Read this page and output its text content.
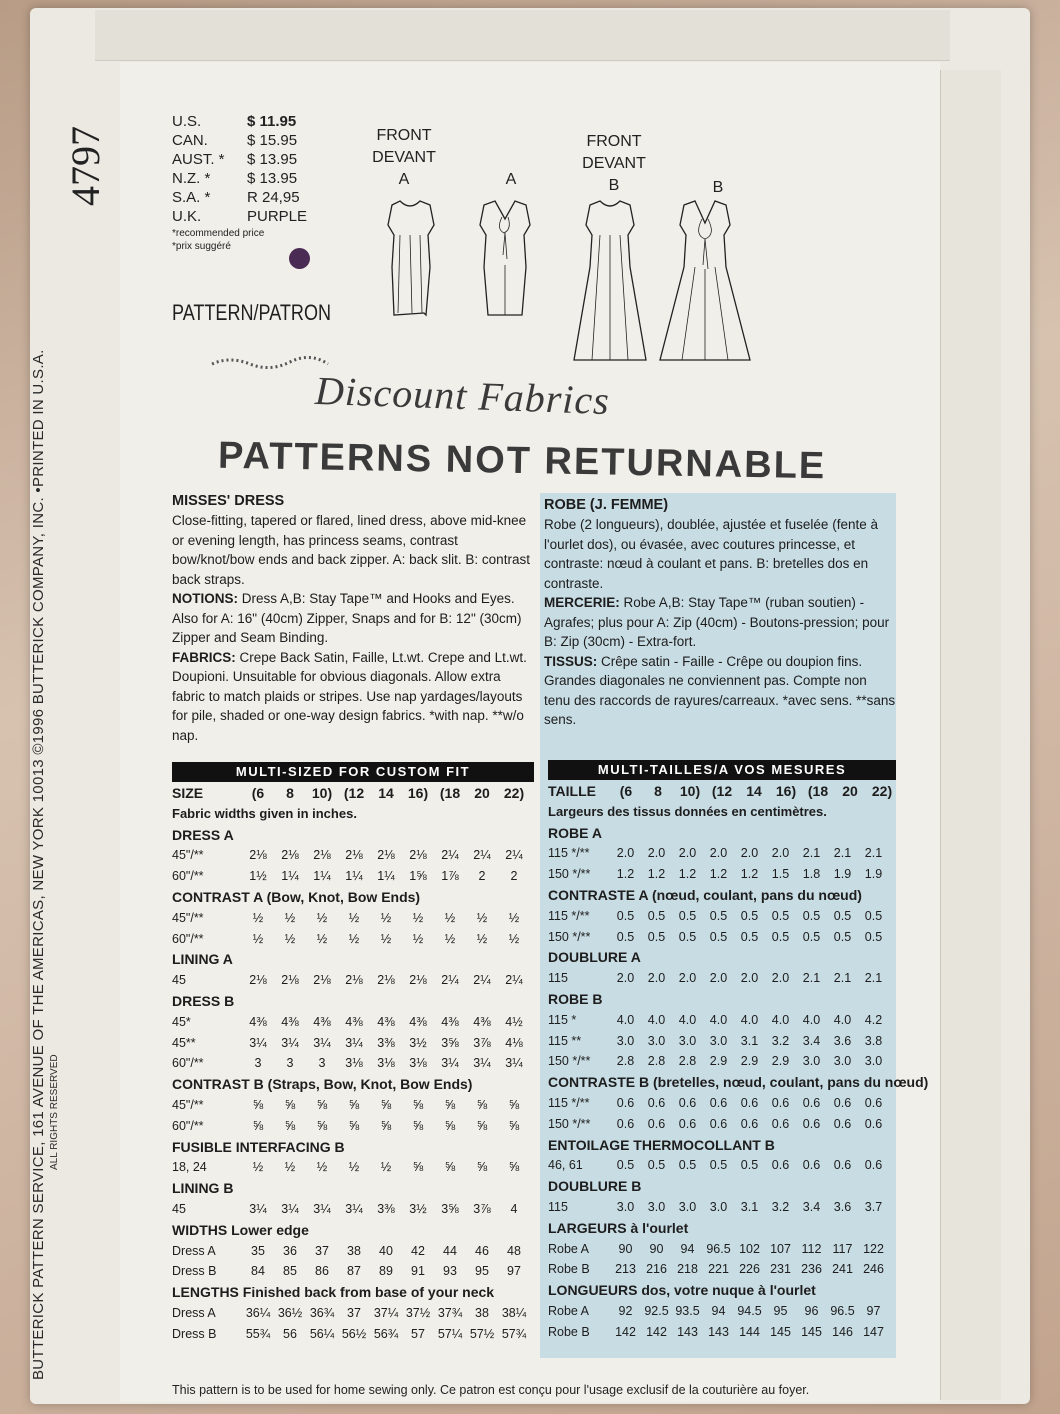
BUTTERICK PATTERN SERVICE, 161 AVENUE OF THE AMERICAS, NEW YORK 10013 ©1996 BUTTERICK COMPANY, INC. •PRINTED IN U.S.A. ALL RIGHTS RESERVED
4797
U.S.	$ 11.95
CAN.	$ 15.95
AUST. *	$ 13.95
N.Z. *	$ 13.95
S.A. *	R 24,95
U.K.	PURPLE
*recommended price
*prix suggéré
PATTERN/PATRON
FRONT
DEVANT
A	A
FRONT
DEVANT
B	B
Discount Fabrics
PATTERNS NOT RETURNABLE
MISSES' DRESS
Close-fitting, tapered or flared, lined dress, above mid-knee or evening length, has princess seams, contrast bow/knot/bow ends and back zipper. A: back slit. B: contrast back straps.
NOTIONS: Dress A,B: Stay Tape™ and Hooks and Eyes. Also for A: 16" (40cm) Zipper, Snaps and for B: 12" (30cm) Zipper and Seam Binding.
FABRICS: Crepe Back Satin, Faille, Lt.wt. Crepe and Lt.wt. Doupioni. Unsuitable for obvious diagonals. Allow extra fabric to match plaids or stripes. Use nap yardages/layouts for pile, shaded or one-way design fabrics. *with nap. **w/o nap.
ROBE (J. FEMME)
Robe (2 longueurs), doublée, ajustée et fuselée (fente à l'ourlet dos), ou évasée, avec coutures princesse, et contraste: nœud à coulant et pans. B: bretelles dos en contraste.
MERCERIE: Robe A,B: Stay Tape™ (ruban soutien) - Agrafes; plus pour A: Zip (40cm) - Boutons-pression; pour B: Zip (30cm) - Extra-fort.
TISSUS: Crêpe satin - Faille - Crêpe ou doupion fins. Grandes diagonales ne conviennent pas. Compte non tenu des raccords de rayures/carreaux. *avec sens. **sans sens.
MULTI-SIZED FOR CUSTOM FIT	MULTI-TAILLES/A VOS MESURES
SIZE	(6	8	10) (12	14	16) (18	20	22)
Fabric widths given in inches.
DRESS A
45"/**	2⅛	2⅛	2⅛	2⅛	2⅛	2⅛	2¼	2¼	2¼
60"/**	1½	1¼	1¼	1¼	1¼	1⅝	1⅞	2	2
CONTRAST A (Bow, Knot, Bow Ends)
45"/**	½	½	½	½	½	½	½	½	½
60"/**	½	½	½	½	½	½	½	½	½
LINING A
45	2⅛	2⅛	2⅛	2⅛	2⅛	2⅛	2¼	2¼	2¼
DRESS B
45*	4⅜	4⅜	4⅜	4⅜	4⅜	4⅜	4⅜	4⅜	4½
45**	3¼	3¼	3¼	3¼	3⅜	3½	3⅝	3⅞	4⅛
60"/**	3	3	3	3⅛	3⅛	3⅛	3¼	3¼	3¼
CONTRAST B (Straps, Bow, Knot, Bow Ends)
45"/**	⅝	⅝	⅝	⅝	⅝	⅝	⅝	⅝	⅝
60"/**	⅝	⅝	⅝	⅝	⅝	⅝	⅝	⅝	⅝
FUSIBLE INTERFACING B
18, 24	½	½	½	½	½	⅝	⅝	⅝	⅝
LINING B
45	3¼	3¼	3¼	3¼	3⅜	3½	3⅝	3⅞	4
WIDTHS Lower edge
Dress A	35	36	37	38	40	42	44	46	48
Dress B	84	85	86	87	89	91	93	95	97
LENGTHS Finished back from base of your neck
Dress A	36¼ 36½ 36¾	37	37¼ 37½ 37¾	38	38¼
Dress B	55¾	56	56¼ 56½ 56¾	57	57¼ 57½ 57¾
TAILLE	(6	8	10) (12	14	16) (18	20	22)
Largeurs des tissus données en centimètres.
ROBE A
115 */**	2.0	2.0	2.0	2.0	2.0	2.0	2.1	2.1	2.1
150 */**	1.2	1.2	1.2	1.2	1.2	1.5	1.8	1.9	1.9
CONTRASTE A (nœud, coulant, pans du nœud)
115 */**	0.5	0.5	0.5	0.5	0.5	0.5	0.5	0.5	0.5
150 */**	0.5	0.5	0.5	0.5	0.5	0.5	0.5	0.5	0.5
DOUBLURE A
115	2.0	2.0	2.0	2.0	2.0	2.0	2.1	2.1	2.1
ROBE B
115 *	4.0	4.0	4.0	4.0	4.0	4.0	4.0	4.0	4.2
115 **	3.0	3.0	3.0	3.0	3.1	3.2	3.4	3.6	3.8
150 */**	2.8	2.8	2.8	2.9	2.9	2.9	3.0	3.0	3.0
CONTRASTE B (bretelles, nœud, coulant, pans du nœud)
115 */**	0.6	0.6	0.6	0.6	0.6	0.6	0.6	0.6	0.6
150 */**	0.6	0.6	0.6	0.6	0.6	0.6	0.6	0.6	0.6
ENTOILAGE THERMOCOLLANT B
46, 61	0.5	0.5	0.5	0.5	0.5	0.6	0.6	0.6	0.6
DOUBLURE B
115	3.0	3.0	3.0	3.0	3.1	3.2	3.4	3.6	3.7
LARGEURS à l'ourlet
Robe A	90	90	94 96.5 102 107 112 117 122
Robe B	213 216 218 221 226 231 236 241 246
LONGUEURS dos, votre nuque à l'ourlet
Robe A	92 92.5 93.5 94 94.5 95	96 96.5 97
Robe B	142 142 143 143 144 145 145 146 147
This pattern is to be used for home sewing only. Ce patron est conçu pour l'usage exclusif de la couturière au foyer.
